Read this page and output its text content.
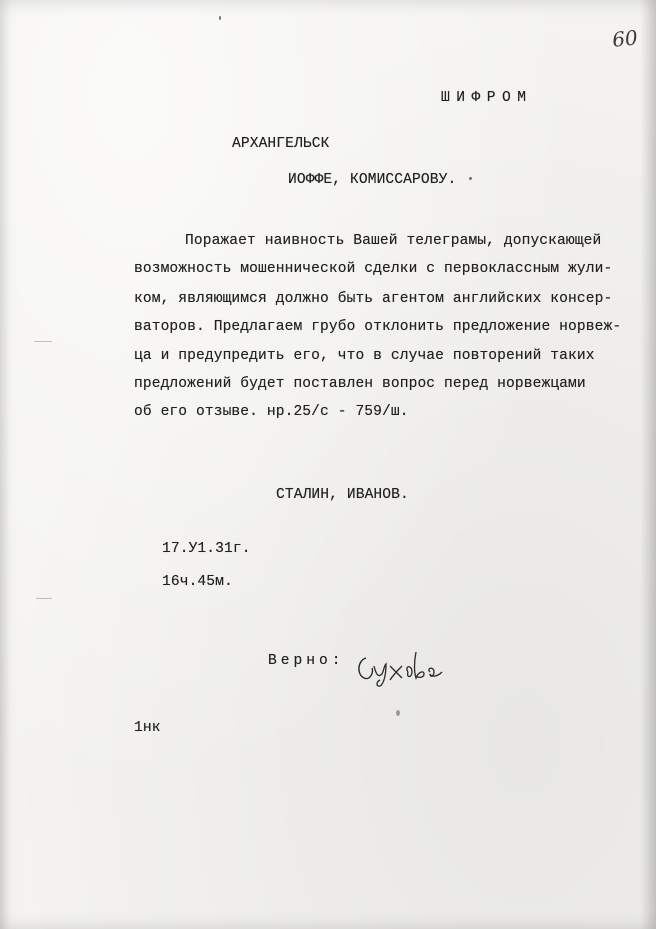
60
ШИФРОМ
АРХАНГЕЛЬСК
ИОФФЕ, КОМИССАРОВУ.
Поражает наивность Вашей телеграмы, допускающей
возможность мошеннической сделки с первоклассным жули-
ком, являющимся должно быть агентом английских консер-
ваторов. Предлагаем грубо отклонить предложение норвеж-
ца и предупредить его, что в случае повторений таких
предложений будет поставлен вопрос перед норвежцами
об его отзыве. нр.25/с - 759/ш.
СТАЛИН, ИВАНОВ.
17.У1.31г.
16ч.45м.
Верно:
1нк
